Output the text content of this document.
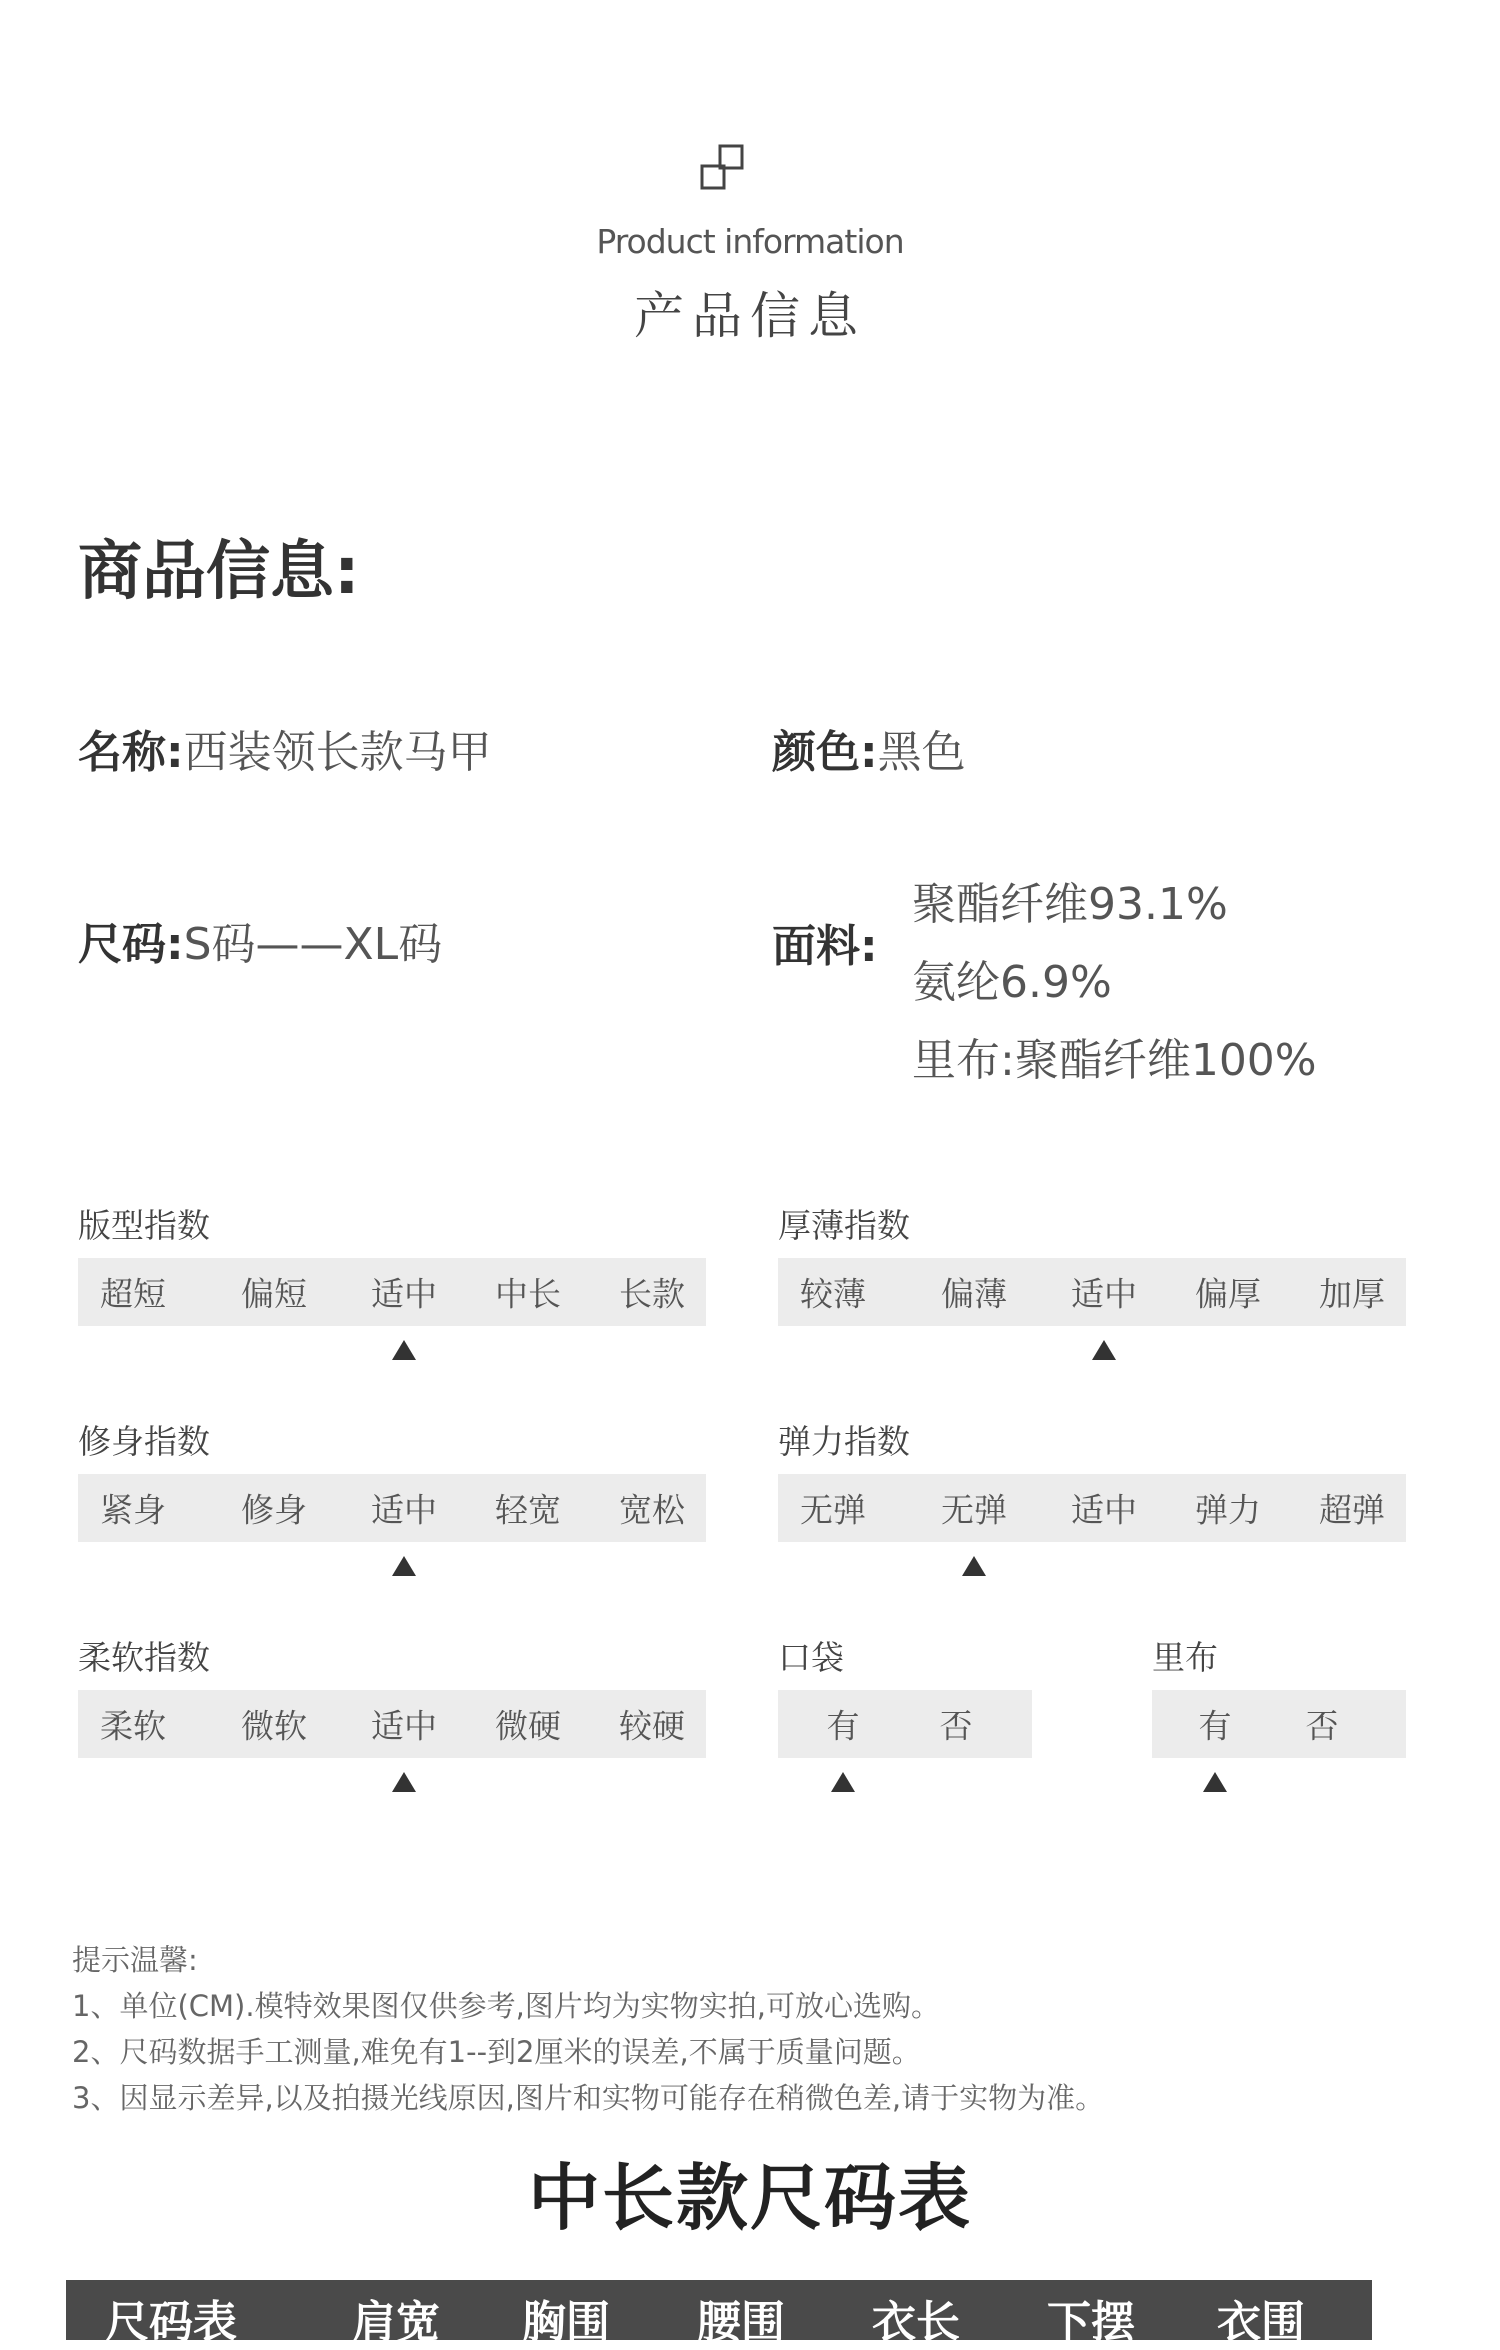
Product information
产品信息
商品信息:
名称:西装领长款马甲	颜色:黑色
尺码:S码——XL码	面料:
聚酯纤维93.1%
氨纶6.9%
里布:聚酯纤维100%
版型指数
超短 偏短 适中 中长 长款
厚薄指数
较薄 偏薄 适中 偏厚 加厚
修身指数
紧身 修身 适中 轻宽 宽松
弹力指数
无弹 无弹 适中 弹力 超弹
柔软指数
柔软 微软 适中 微硬 较硬
口袋
有 否
里布
有 否
提示温馨:
1、单位(CM).模特效果图仅供参考,图片均为实物实拍,可放心选购。
2、尺码数据手工测量,难免有1--到2厘米的误差,不属于质量问题。
3、因显示差异,以及拍摄光线原因,图片和实物可能存在稍微色差,请于实物为准。
中长款尺码表
尺码表	肩宽 胸围 腰围 衣长 下摆 衣围
